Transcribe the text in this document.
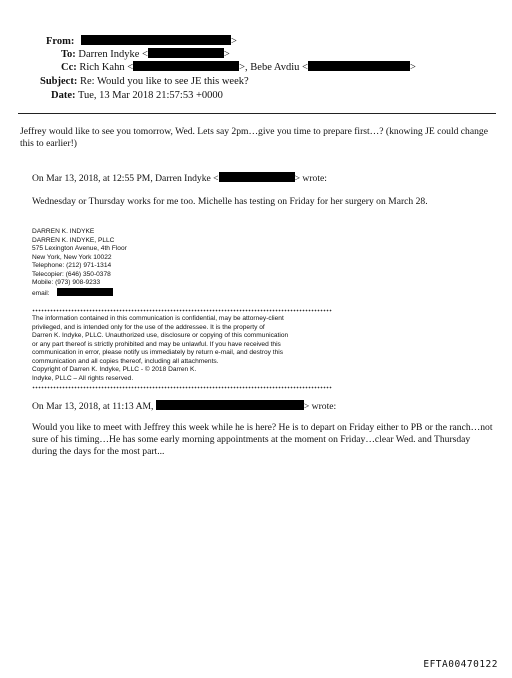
From:	>
To: Darren Indyke <	>
Cc: Rich Kahn <	>, Bebe Avdiu <	>
Subject: Re: Would you like to see JE this week?
Date: Tue, 13 Mar 2018 21:57:53 +0000
Jeffrey would like to see you tomorrow, Wed. Lets say 2pm…give you time to prepare first…? (knowing JE could change this to earlier!)
On Mar 13, 2018, at 12:55 PM, Darren Indyke <	> wrote:
Wednesday or Thursday works for me too. Michelle has testing on Friday for her surgery on March 28.
DARREN K. INDYKE
DARREN K. INDYKE, PLLC
575 Lexington Avenue, 4th Floor
New York, New York 10022
Telephone: (212) 971-1314
Telecopier: (646) 350-0378
Mobile: (973) 908-9233
email:
The information contained in this communication is confidential, may be attorney-client
privileged, and is intended only for the use of the addressee. It is the property of
Darren K. Indyke, PLLC. Unauthorized use, disclosure or copying of this communication
or any part thereof is strictly prohibited and may be unlawful. If you have received this
communication in error, please notify us immediately by return e-mail, and destroy this
communication and all copies thereof, including all attachments.
Copyright of Darren K. Indyke, PLLC - © 2018 Darren K.
Indyke, PLLC – All rights reserved.
On Mar 13, 2018, at 11:13 AM,	> wrote:
Would you like to meet with Jeffrey this week while he is here? He is to depart on Friday either to PB or the ranch…not sure of his timing…He has some early morning appointments at the moment on Friday…clear Wed. and Thursday during the days for the most part...
EFTA00470122
